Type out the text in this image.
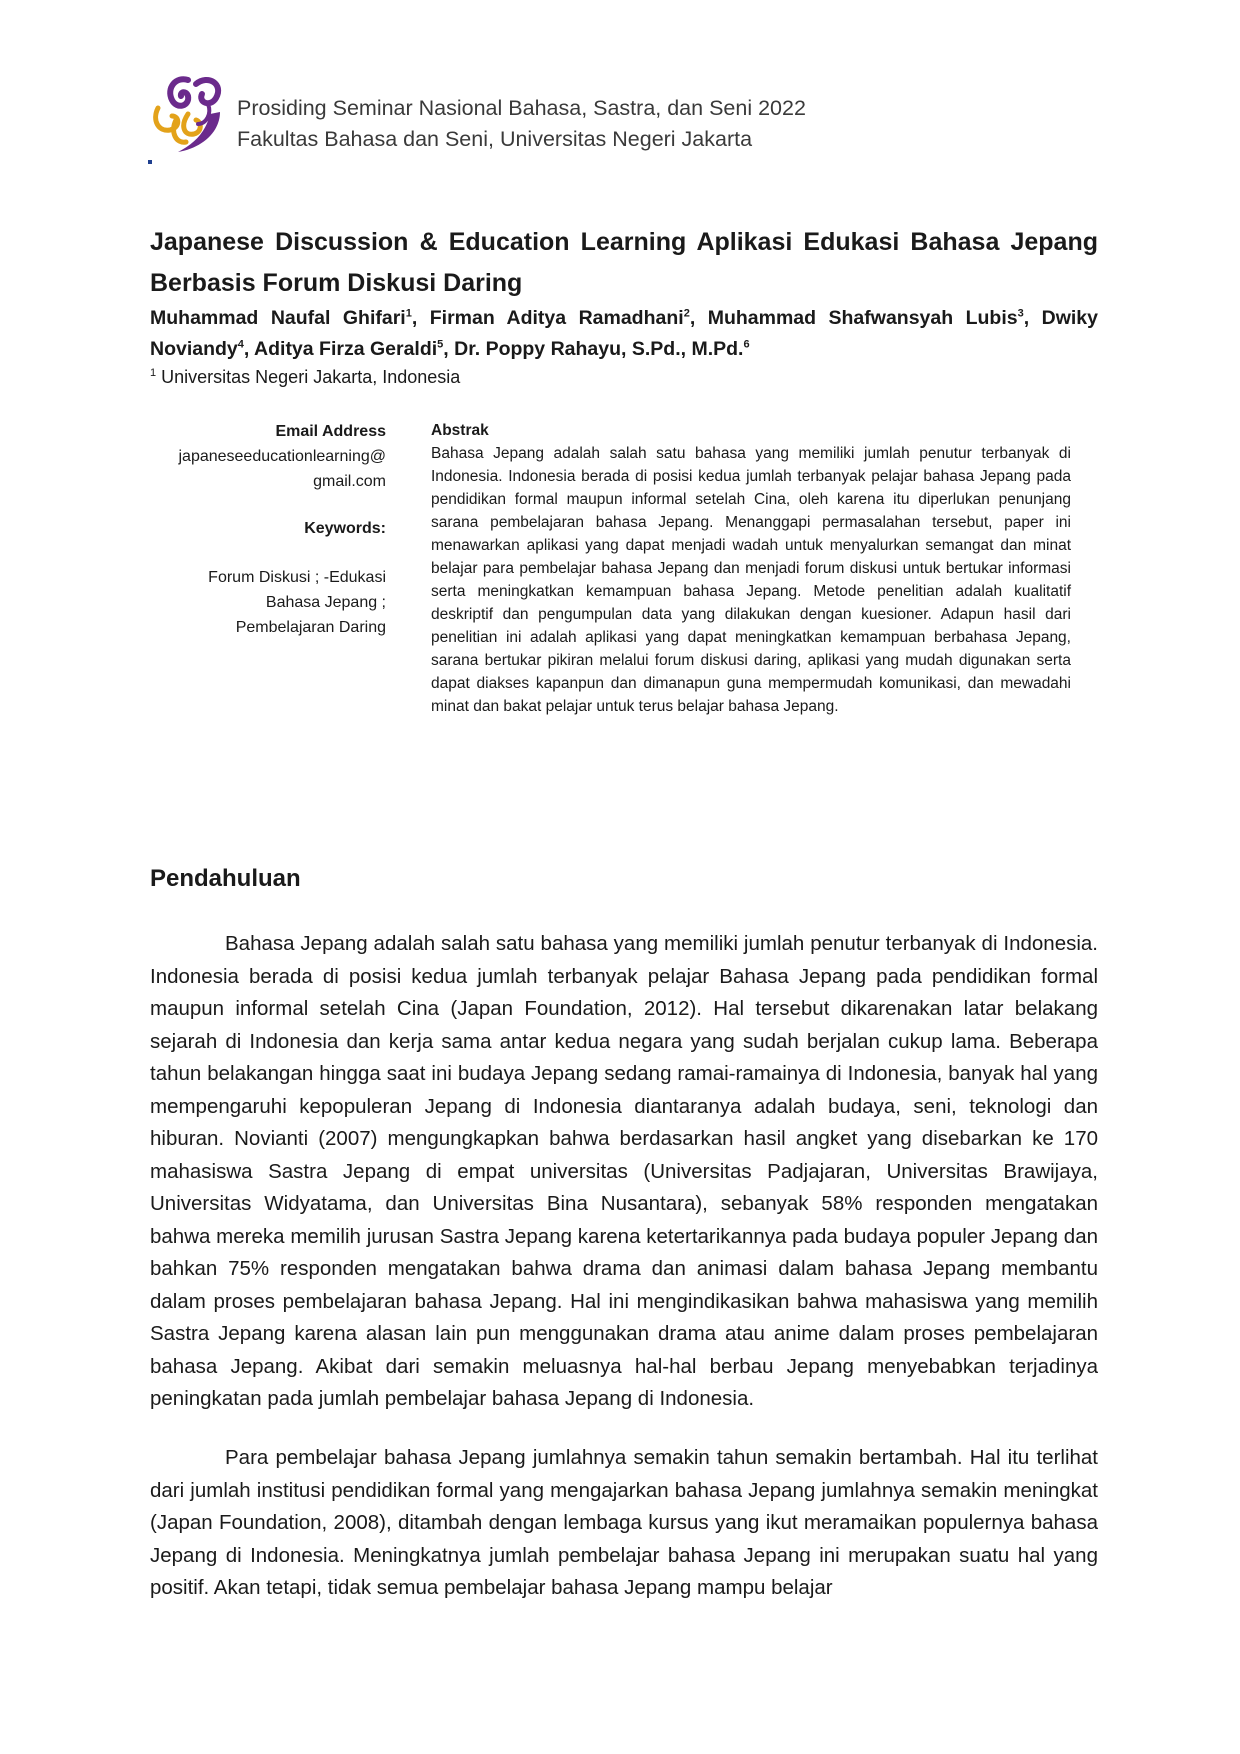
Prosiding Seminar Nasional Bahasa, Sastra, dan Seni 2022
Fakultas Bahasa dan Seni, Universitas Negeri Jakarta
Japanese Discussion & Education Learning Aplikasi Edukasi Bahasa Jepang Berbasis Forum Diskusi Daring

Muhammad Naufal Ghifari$^1$, Firman Aditya Ramadhani$^2$, Muhammad Shafwansyah Lubis$^3$, Dwiky Noviandy$^4$, Aditya Firza Geraldi$^5$, Dr. Poppy Rahayu, S.Pd., M.Pd.$^6$

$^1$ Universitas Negeri Jakarta, Indonesia
Email Address
japaneseeducationlearning@
gmail.com
Keywords:
Forum Diskusi ; -Edukasi
Bahasa Jepang ;
Pembelajaran Daring
Abstrak

Bahasa Jepang adalah salah satu bahasa yang memiliki jumlah penutur terbanyak di Indonesia. Indonesia berada di posisi kedua jumlah terbanyak pelajar bahasa Jepang pada pendidikan formal maupun informal setelah Cina, oleh karena itu diperlukan penunjang sarana pembelajaran bahasa Jepang. Menanggapi permasalahan tersebut, paper ini menawarkan aplikasi yang dapat menjadi wadah untuk menyalurkan semangat dan minat belajar para pembelajar bahasa Jepang dan menjadi forum diskusi untuk bertukar informasi serta meningkatkan kemampuan bahasa Jepang. Metode penelitian adalah kualitatif deskriptif dan pengumpulan data yang dilakukan dengan kuesioner. Adapun hasil dari penelitian ini adalah aplikasi yang dapat meningkatkan kemampuan berbahasa Jepang, sarana bertukar pikiran melalui forum diskusi daring, aplikasi yang mudah digunakan serta dapat diakses kapanpun dan dimanapun guna mempermudah komunikasi, dan mewadahi minat dan bakat pelajar untuk terus belajar bahasa Jepang.

Pendahuluan

Bahasa Jepang adalah salah satu bahasa yang memiliki jumlah penutur terbanyak di Indonesia. Indonesia berada di posisi kedua jumlah terbanyak pelajar Bahasa Jepang pada pendidikan formal maupun informal setelah Cina (Japan Foundation, 2012). Hal tersebut dikarenakan latar belakang sejarah di Indonesia dan kerja sama antar kedua negara yang sudah berjalan cukup lama. Beberapa tahun belakangan hingga saat ini budaya Jepang sedang ramai-ramainya di Indonesia, banyak hal yang mempengaruhi kepopuleran Jepang di Indonesia diantaranya adalah budaya, seni, teknologi dan hiburan. Novianti (2007) mengungkapkan bahwa berdasarkan hasil angket yang disebarkan ke 170 mahasiswa Sastra Jepang di empat universitas (Universitas Padjajaran, Universitas Brawijaya, Universitas Widyatama, dan Universitas Bina Nusantara), sebanyak 58% responden mengatakan bahwa mereka memilih jurusan Sastra Jepang karena ketertarikannya pada budaya populer Jepang dan bahkan 75% responden mengatakan bahwa drama dan animasi dalam bahasa Jepang membantu dalam proses pembelajaran bahasa Jepang. Hal ini mengindikasikan bahwa mahasiswa yang memilih Sastra Jepang karena alasan lain pun menggunakan drama atau anime dalam proses pembelajaran bahasa Jepang. Akibat dari semakin meluasnya hal-hal berbau Jepang menyebabkan terjadinya peningkatan pada jumlah pembelajar bahasa Jepang di Indonesia.

Para pembelajar bahasa Jepang jumlahnya semakin tahun semakin bertambah. Hal itu terlihat dari jumlah institusi pendidikan formal yang mengajarkan bahasa Jepang jumlahnya semakin meningkat (Japan Foundation, 2008), ditambah dengan lembaga kursus yang ikut meramaikan populernya bahasa Jepang di Indonesia. Meningkatnya jumlah pembelajar bahasa Jepang ini merupakan suatu hal yang positif. Akan tetapi, tidak semua pembelajar bahasa Jepang mampu belajar
